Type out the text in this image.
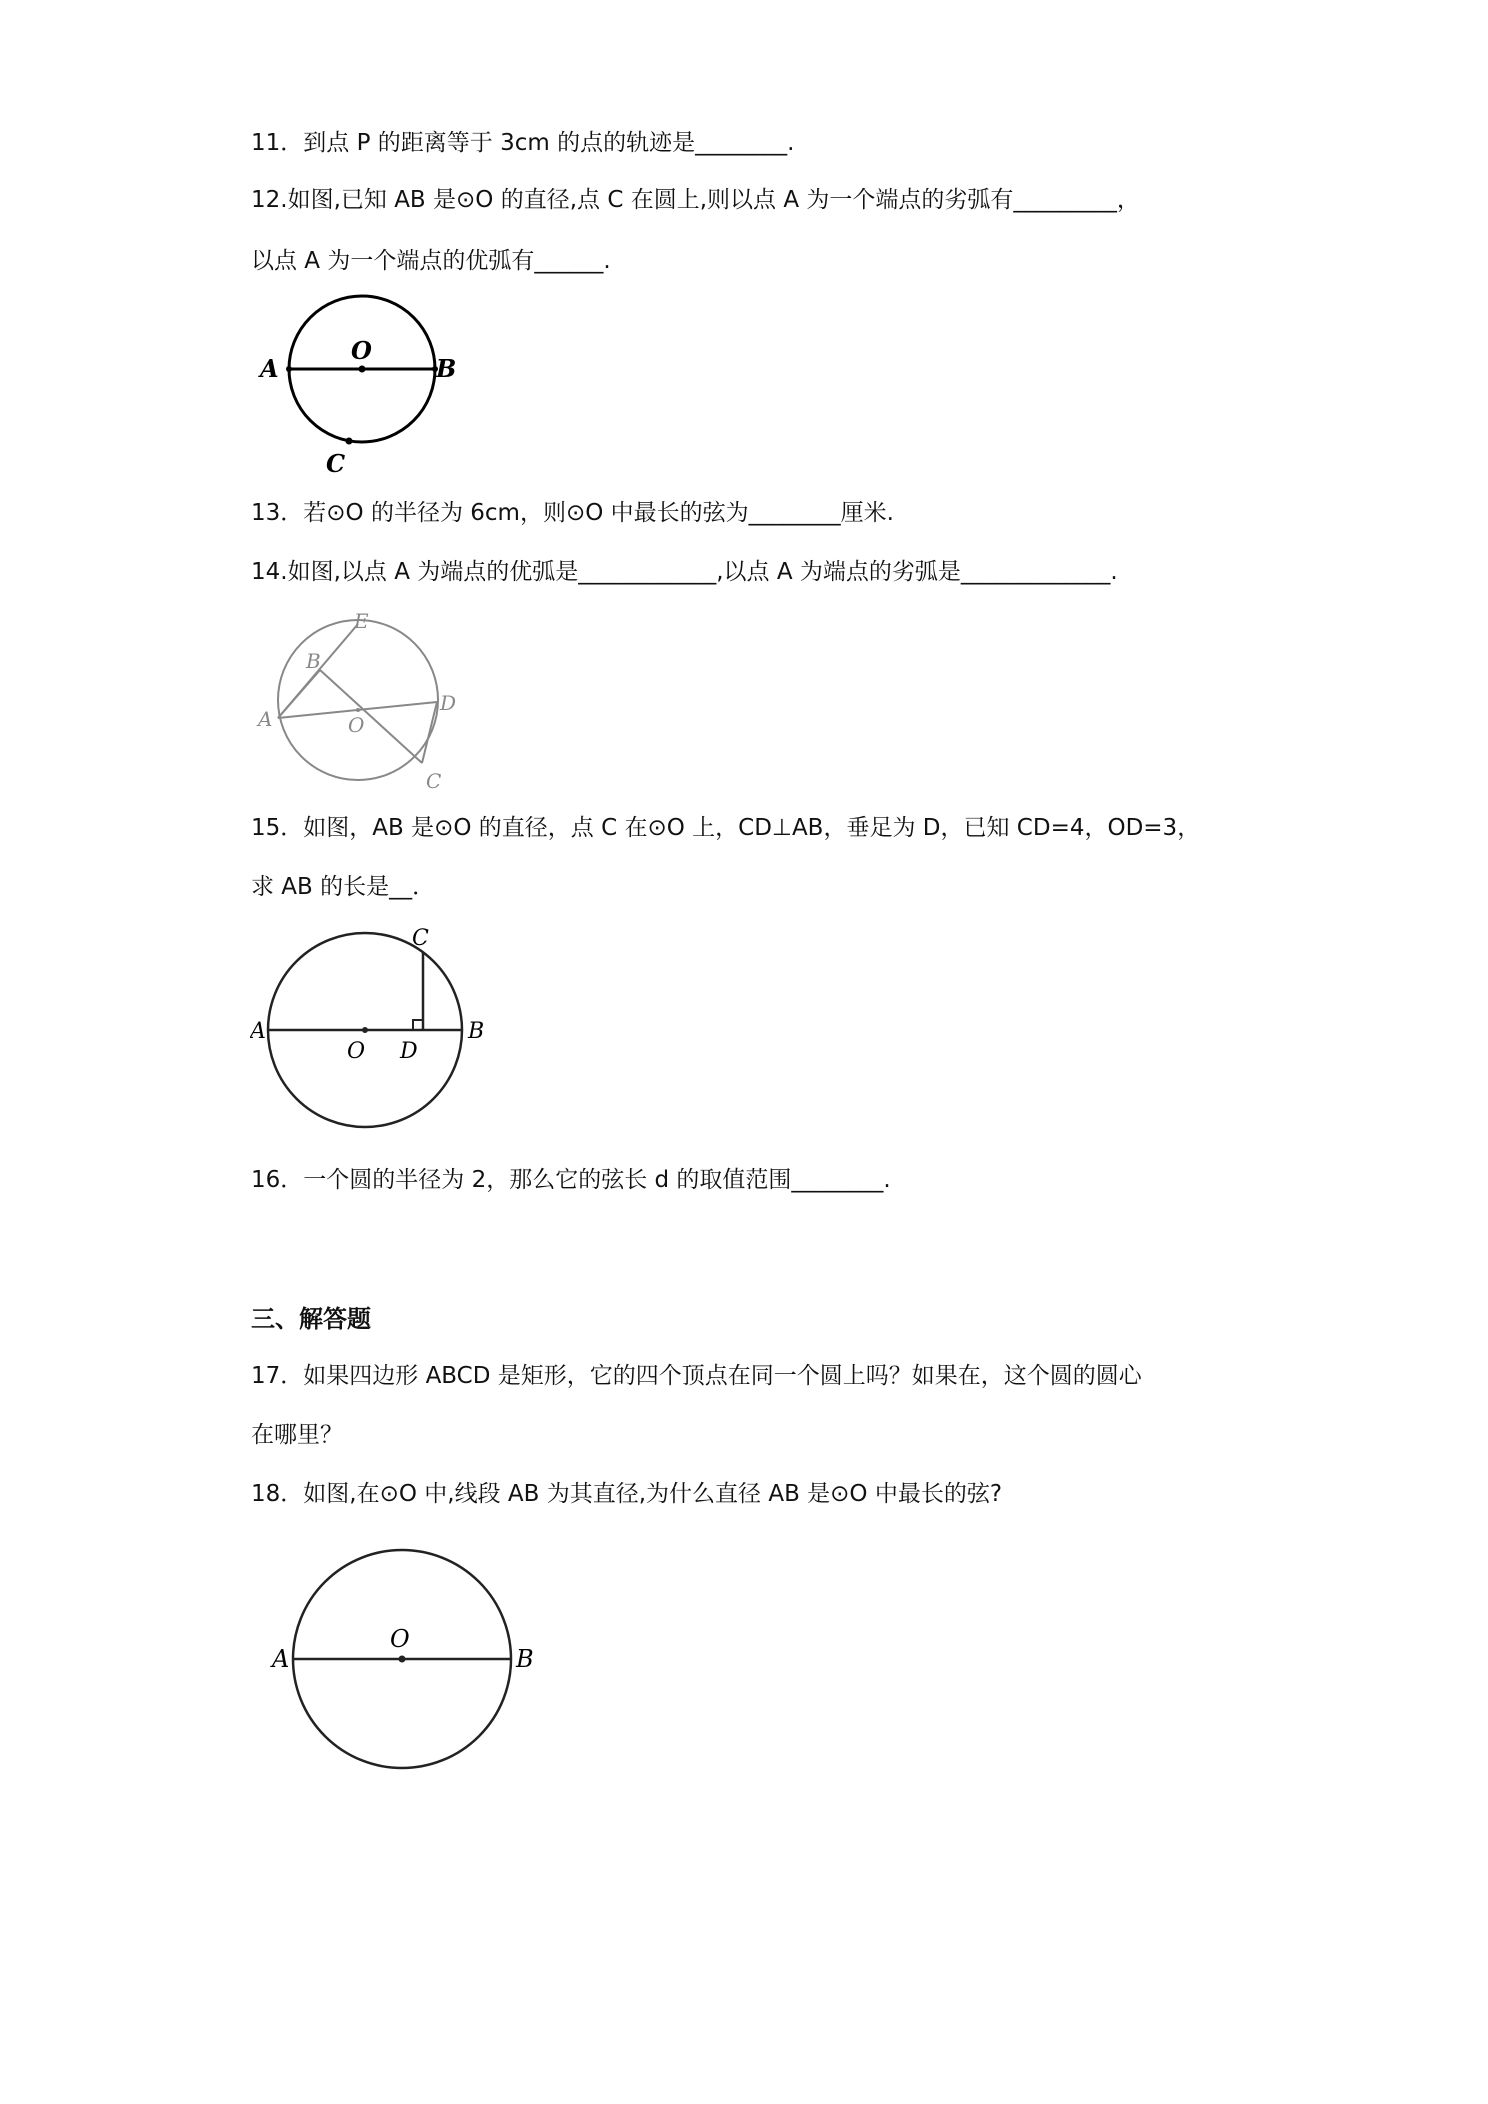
11．到点 P 的距离等于 3cm 的点的轨迹是________.
12.如图,已知 AB 是⊙O 的直径,点 C 在圆上,则以点 A 为一个端点的劣弧有_________，
以点 A 为一个端点的优弧有______.
A	B
O
C
13．若⊙O 的半径为 6cm，则⊙O 中最长的弦为________厘米.
14.如图,以点 A 为端点的优弧是____________,以点 A 为端点的劣弧是_____________.
A
B
C
D
E
O
15．如图，AB 是⊙O 的直径，点 C 在⊙O 上，CD⊥AB，垂足为 D，已知 CD=4，OD=3，
求 AB 的长是__．
A	B
C
D
O
16．一个圆的半径为 2，那么它的弦长 d 的取值范围________.
三、解答题
17．如果四边形 ABCD 是矩形，它的四个顶点在同一个圆上吗？如果在，这个圆的圆心
在哪里？
18．如图,在⊙O 中,线段 AB 为其直径,为什么直径 AB 是⊙O 中最长的弦?
A	B
O
